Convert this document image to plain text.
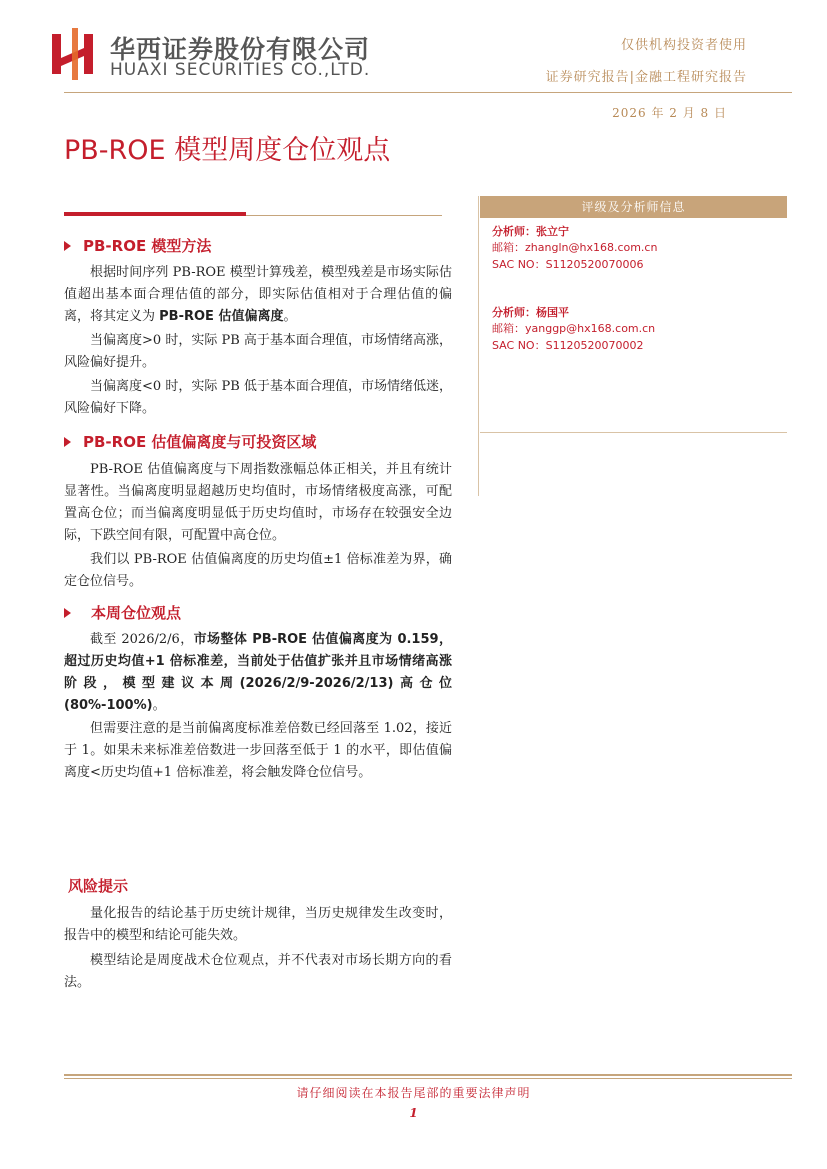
华西证券股份有限公司
HUAXI SECURITIES CO.,LTD.
仅供机构投资者使用
证券研究报告|金融工程研究报告
2026 年 2 月 8 日
PB-ROE 模型周度仓位观点
PB-ROE 模型方法
根据时间序列 PB-ROE 模型计算残差，模型残差是市场实际估值超出基本面合理估值的部分，即实际估值相对于合理估值的偏离，将其定义为 PB-ROE 估值偏离度。
当偏离度>0 时，实际 PB 高于基本面合理值，市场情绪高涨，风险偏好提升。
当偏离度<0 时，实际 PB 低于基本面合理值，市场情绪低迷，风险偏好下降。
PB-ROE 估值偏离度与可投资区域
PB-ROE 估值偏离度与下周指数涨幅总体正相关，并且有统计显著性。当偏离度明显超越历史均值时，市场情绪极度高涨，可配置高仓位；而当偏离度明显低于历史均值时，市场存在较强安全边际，下跌空间有限，可配置中高仓位。
我们以 PB-ROE 估值偏离度的历史均值±1 倍标准差为界，确定仓位信号。
本周仓位观点
截至 2026/2/6，市场整体 PB-ROE 估值偏离度为 0.159，超过历史均值+1 倍标准差，当前处于估值扩张并且市场情绪高涨阶段，模型建议本周(2026/2/9-2026/2/13)高仓位(80%-100%)。
但需要注意的是当前偏离度标准差倍数已经回落至 1.02，接近于 1。如果未来标准差倍数进一步回落至低于 1 的水平，即估值偏离度<历史均值+1 倍标准差，将会触发降仓位信号。
评级及分析师信息
分析师：张立宁
邮箱：zhangln@hx168.com.cn
SAC NO：S1120520070006
分析师：杨国平
邮箱：yanggp@hx168.com.cn
SAC NO：S1120520070002
风险提示
量化报告的结论基于历史统计规律，当历史规律发生改变时，报告中的模型和结论可能失效。
模型结论是周度战术仓位观点，并不代表对市场长期方向的看法。
请仔细阅读在本报告尾部的重要法律声明
1
